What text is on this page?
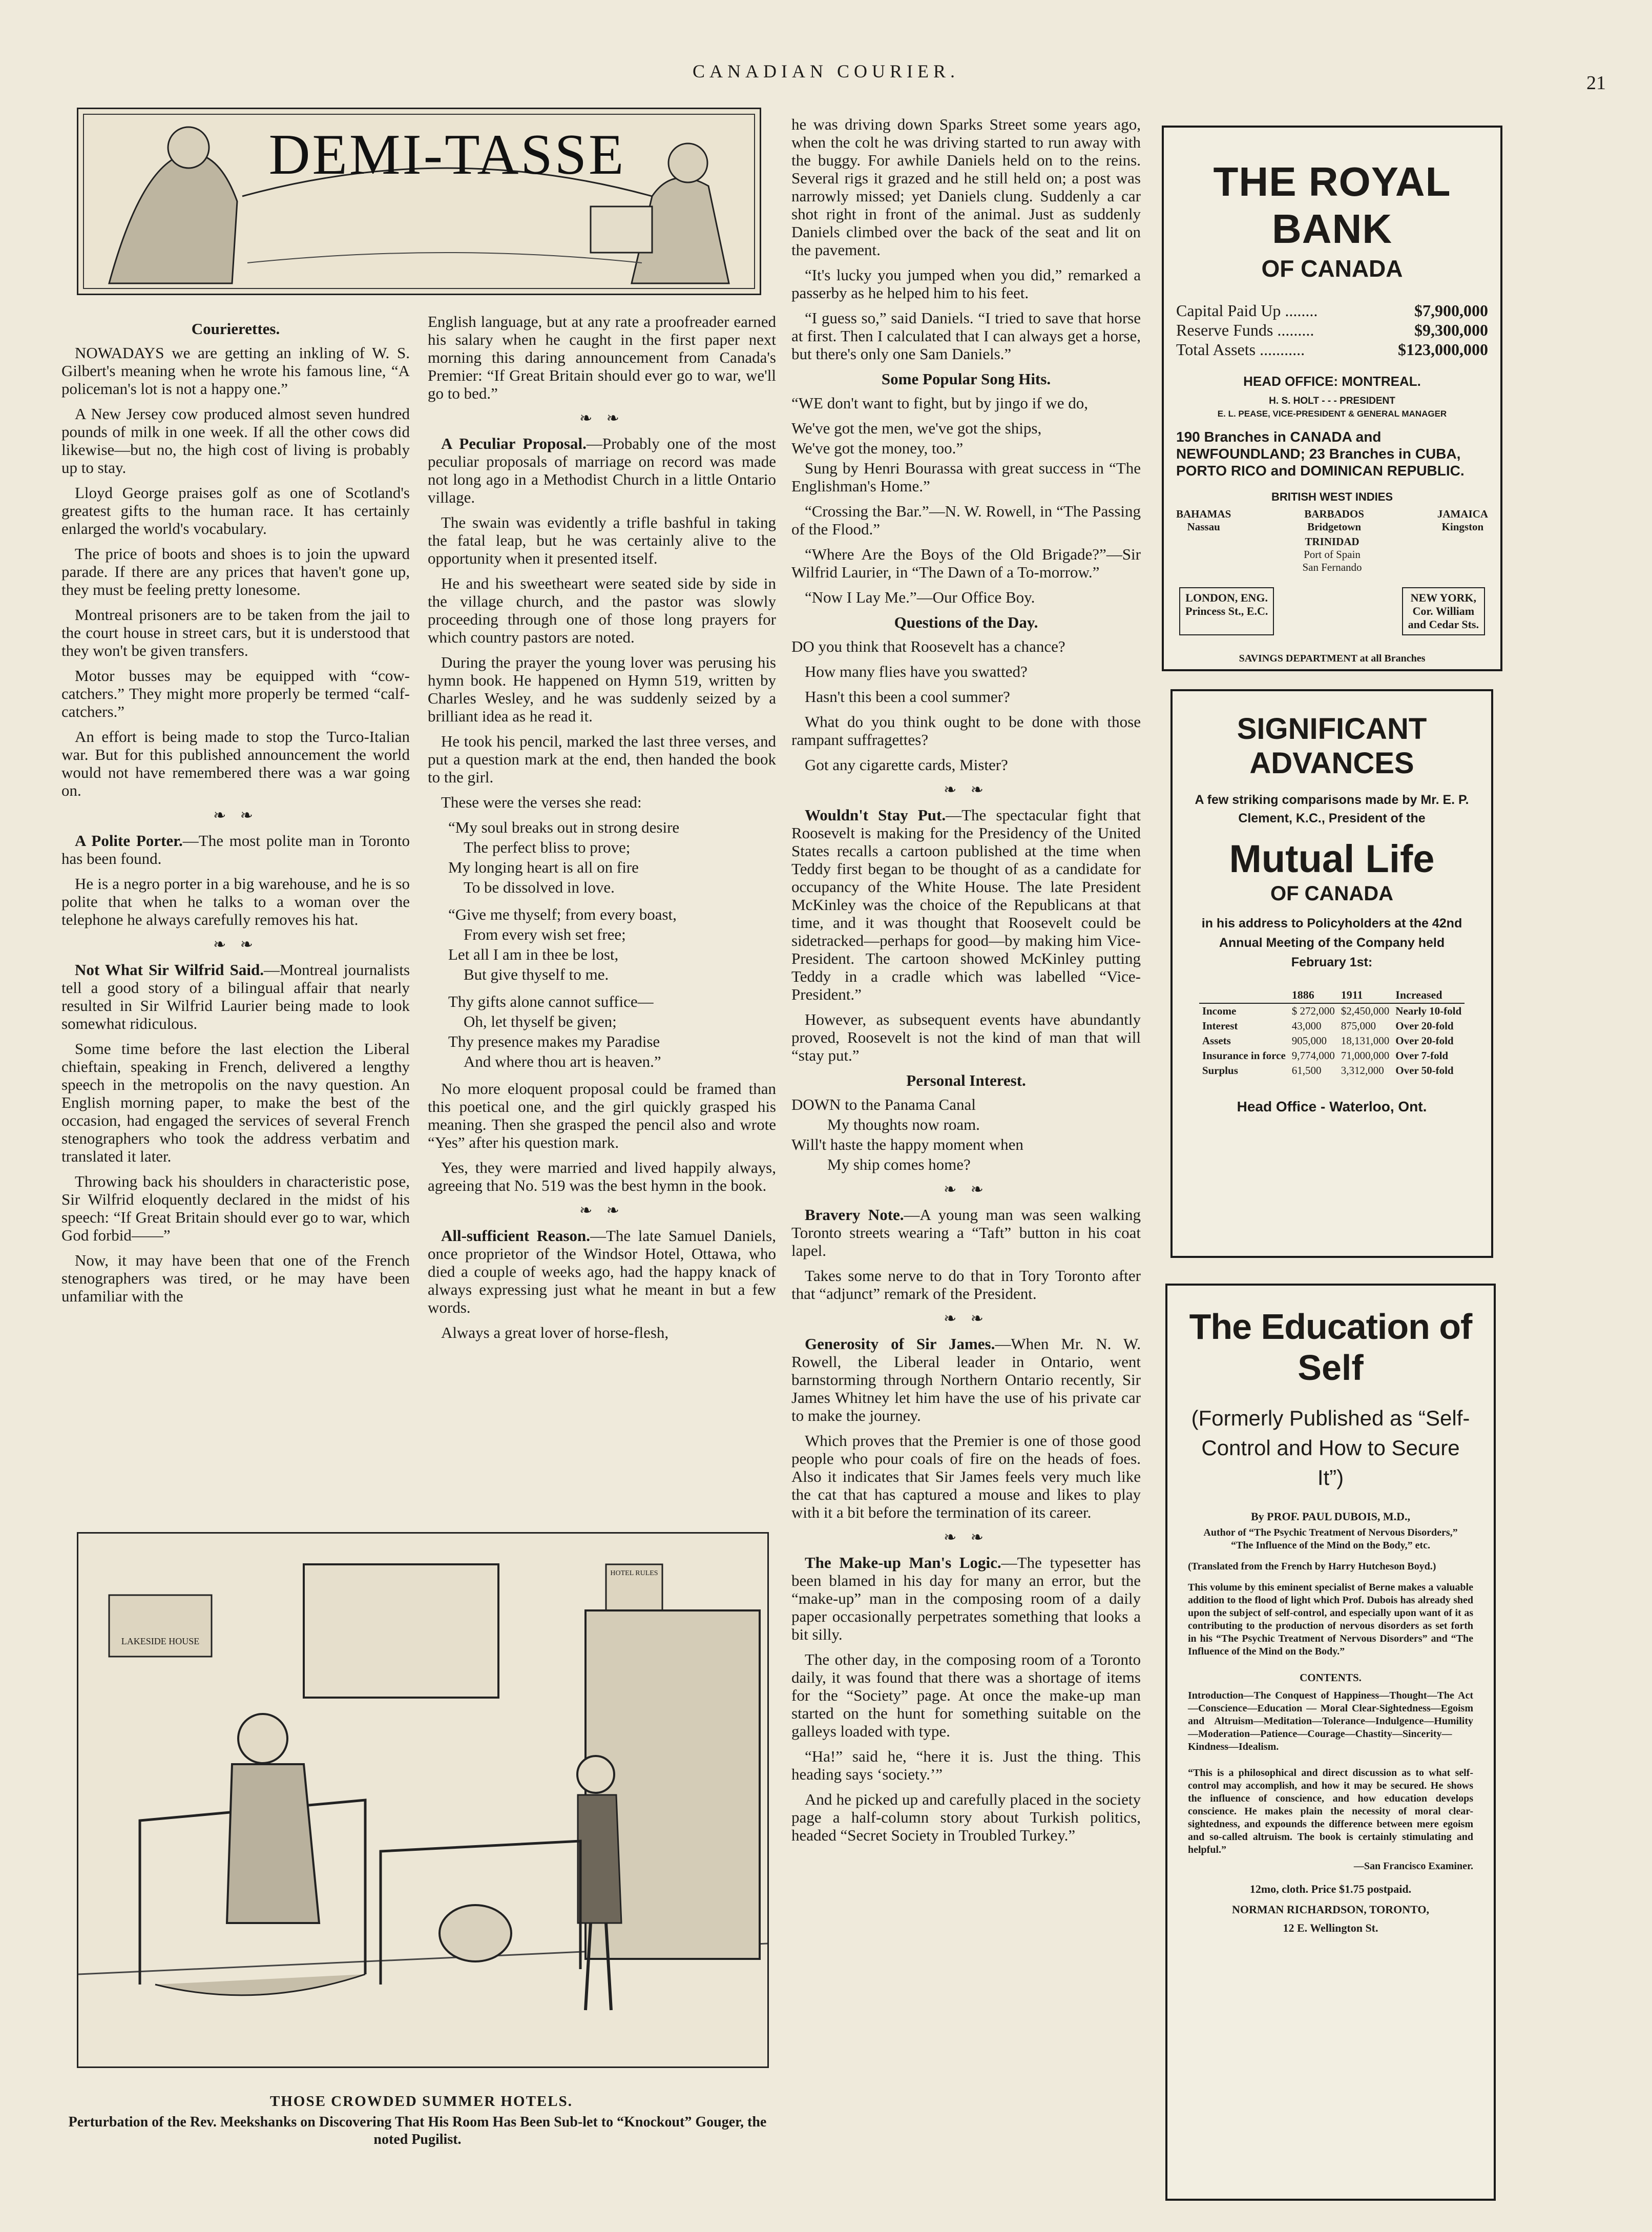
CANADIAN COURIER.
21
DEMI-TASSE
Courierettes.

NOWADAYS we are getting an inkling of W. S. Gilbert's meaning when he wrote his famous line, “A policeman's lot is not a happy one.”

A New Jersey cow produced almost seven hundred pounds of milk in one week. If all the other cows did likewise—but no, the high cost of living is probably up to stay.

Lloyd George praises golf as one of Scotland's greatest gifts to the human race. It has certainly enlarged the world's vocabulary.

The price of boots and shoes is to join the upward parade. If there are any prices that haven't gone up, they must be feeling pretty lonesome.

Montreal prisoners are to be taken from the jail to the court house in street cars, but it is understood that they won't be given transfers.

Motor busses may be equipped with “cow-catchers.” They might more properly be termed “calf-catchers.”

An effort is being made to stop the Turco-Italian war. But for this published announcement the world would not have remembered there was a war going on.

❧ ❧

A Polite Porter.—The most polite man in Toronto has been found.

He is a negro porter in a big warehouse, and he is so polite that when he talks to a woman over the telephone he always carefully removes his hat.

❧ ❧

Not What Sir Wilfrid Said.—Montreal journalists tell a good story of a bilingual affair that nearly resulted in Sir Wilfrid Laurier being made to look somewhat ridiculous.

Some time before the last election the Liberal chieftain, speaking in French, delivered a lengthy speech in the metropolis on the navy question. An English morning paper, to make the best of the occasion, had engaged the services of several French stenographers who took the address verbatim and translated it later.

Throwing back his shoulders in characteristic pose, Sir Wilfrid eloquently declared in the midst of his speech: “If Great Britain should ever go to war, which God forbid——”

Now, it may have been that one of the French stenographers was tired, or he may have been unfamiliar with the

English language, but at any rate a proofreader earned his salary when he caught in the first paper next morning this daring announcement from Canada's Premier: “If Great Britain should ever go to war, we'll go to bed.”

❧ ❧

A Peculiar Proposal.—Probably one of the most peculiar proposals of marriage on record was made not long ago in a Methodist Church in a little Ontario village.

The swain was evidently a trifle bashful in taking the fatal leap, but he was certainly alive to the opportunity when it presented itself.

He and his sweetheart were seated side by side in the village church, and the pastor was slowly proceeding through one of those long prayers for which country pastors are noted.

During the prayer the young lover was perusing his hymn book. He happened on Hymn 519, written by Charles Wesley, and he was suddenly seized by a brilliant idea as he read it.

He took his pencil, marked the last three verses, and put a question mark at the end, then handed the book to the girl.

These were the verses she read:

“My soul breaks out in strong desire

The perfect bliss to prove;

My longing heart is all on fire

To be dissolved in love.

“Give me thyself; from every boast,

From every wish set free;

Let all I am in thee be lost,

But give thyself to me.

Thy gifts alone cannot suffice—

Oh, let thyself be given;

Thy presence makes my Paradise

And where thou art is heaven.”

No more eloquent proposal could be framed than this poetical one, and the girl quickly grasped his meaning. Then she grasped the pencil also and wrote “Yes” after his question mark.

Yes, they were married and lived happily always, agreeing that No. 519 was the best hymn in the book.

❧ ❧

All-sufficient Reason.—The late Samuel Daniels, once proprietor of the Windsor Hotel, Ottawa, who died a couple of weeks ago, had the happy knack of always expressing just what he meant in but a few words.

Always a great lover of horse-flesh,

he was driving down Sparks Street some years ago, when the colt he was driving started to run away with the buggy. For awhile Daniels held on to the reins. Several rigs it grazed and he still held on; a post was narrowly missed; yet Daniels clung. Suddenly a car shot right in front of the animal. Just as suddenly Daniels climbed over the back of the seat and lit on the pavement.

“It's lucky you jumped when you did,” remarked a passerby as he helped him to his feet.

“I guess so,” said Daniels. “I tried to save that horse at first. Then I calculated that I can always get a horse, but there's only one Sam Daniels.”

Some Popular Song Hits.

“WE don't want to fight, but by jingo if we do,

We've got the men, we've got the ships,

We've got the money, too.”

Sung by Henri Bourassa with great success in “The Englishman's Home.”

“Crossing the Bar.”—N. W. Rowell, in “The Passing of the Flood.”

“Where Are the Boys of the Old Brigade?”—Sir Wilfrid Laurier, in “The Dawn of a To-morrow.”

“Now I Lay Me.”—Our Office Boy.

Questions of the Day.

DO you think that Roosevelt has a chance?

How many flies have you swatted?

Hasn't this been a cool summer?

What do you think ought to be done with those rampant suffragettes?

Got any cigarette cards, Mister?

❧ ❧

Wouldn't Stay Put.—The spectacular fight that Roosevelt is making for the Presidency of the United States recalls a cartoon published at the time when Teddy first began to be thought of as a candidate for occupancy of the White House. The late President McKinley was the choice of the Republicans at that time, and it was thought that Roosevelt could be sidetracked—perhaps for good—by making him Vice-President. The cartoon showed McKinley putting Teddy in a cradle which was labelled “Vice-President.”

However, as subsequent events have abundantly proved, Roosevelt is not the kind of man that will “stay put.”

Personal Interest.

DOWN to the Panama Canal

My thoughts now roam.

Will't haste the happy moment when

My ship comes home?

❧ ❧

Bravery Note.—A young man was seen walking Toronto streets wearing a “Taft” button in his coat lapel.

Takes some nerve to do that in Tory Toronto after that “adjunct” remark of the President.

❧ ❧

Generosity of Sir James.—When Mr. N. W. Rowell, the Liberal leader in Ontario, went barnstorming through Northern Ontario recently, Sir James Whitney let him have the use of his private car to make the journey.

Which proves that the Premier is one of those good people who pour coals of fire on the heads of foes. Also it indicates that Sir James feels very much like the cat that has captured a mouse and likes to play with it a bit before the termination of its career.

❧ ❧

The Make-up Man's Logic.—The typesetter has been blamed in his day for many an error, but the “make-up” man in the composing room of a daily paper occasionally perpetrates something that looks a bit silly.

The other day, in the composing room of a Toronto daily, it was found that there was a shortage of items for the “Society” page. At once the make-up man started on the hunt for something suitable on the galleys loaded with type.

“Ha!” said he, “here it is. Just the thing. This heading says ‘society.’”

And he picked up and carefully placed in the society page a half-column story about Turkish politics, headed “Secret Society in Troubled Turkey.”

LAKESIDE HOUSE
HOTEL RULES
THOSE CROWDED SUMMER HOTELS.
Perturbation of the Rev. Meekshanks on Discovering That His Room Has Been Sub-let to “Knockout” Gouger, the noted Pugilist.
THE ROYAL BANK
OF CANADA
Capital Paid Up ........	$7,900,000
Reserve Funds .........	$9,300,000
Total Assets ...........	$123,000,000
HEAD OFFICE: MONTREAL.
H. S. HOLT - - - PRESIDENT
E. L. PEASE, VICE-PRESIDENT & GENERAL MANAGER
190 Branches in CANADA and NEWFOUNDLAND; 23 Branches in CUBA, PORTO RICO and DOMINICAN REPUBLIC.
BRITISH WEST INDIES
BAHAMAS
Nassau
BARBADOS
Bridgetown
JAMAICA
Kingston
TRINIDAD
Port of Spain
San Fernando
LONDON, ENG.
Princess St., E.C.
NEW YORK,
Cor. William
and Cedar Sts.
SAVINGS DEPARTMENT at all Branches
SIGNIFICANT
ADVANCES
A few striking comparisons made by Mr. E. P. Clement, K.C., President of the
Mutual Life
OF CANADA
in his address to Policyholders at the 42nd Annual Meeting of the Company held February 1st:
	1886	1911	Increased
Income	$ 272,000	$2,450,000	Nearly 10-fold
Interest	43,000	875,000	Over 20-fold
Assets	905,000	18,131,000	Over 20-fold
Insurance in force	9,774,000	71,000,000	Over 7-fold
Surplus	61,500	3,312,000	Over 50-fold
Head Office - Waterloo, Ont.
The Education of
Self
(Formerly Published as “Self-Control and How to Secure It”)
By PROF. PAUL DUBOIS, M.D.,
Author of “The Psychic Treatment of Nervous Disorders,” “The Influence of the Mind on the Body,” etc.
(Translated from the French by Harry Hutcheson Boyd.)
This volume by this eminent specialist of Berne makes a valuable addition to the flood of light which Prof. Dubois has already shed upon the subject of self-control, and especially upon want of it as contributing to the production of nervous disorders as set forth in his “The Psychic Treatment of Nervous Disorders” and “The Influence of the Mind on the Body.”
CONTENTS.
Introduction—The Conquest of Happiness—Thought—The Act—Conscience—Education — Moral Clear-Sightedness—Egoism and Altruism—Meditation—Tolerance—Indulgence—Humility —Moderation—Patience—Courage—Chastity—Sincerity—Kindness—Idealism.
“This is a philosophical and direct discussion as to what self-control may accomplish, and how it may be secured. He shows the influence of conscience, and how education develops conscience. He makes plain the necessity of moral clear-sightedness, and expounds the difference between mere egoism and so-called altruism. The book is certainly stimulating and helpful.”
—San Francisco Examiner.
12mo, cloth. Price $1.75 postpaid.
NORMAN RICHARDSON, TORONTO,
12 E. Wellington St.
